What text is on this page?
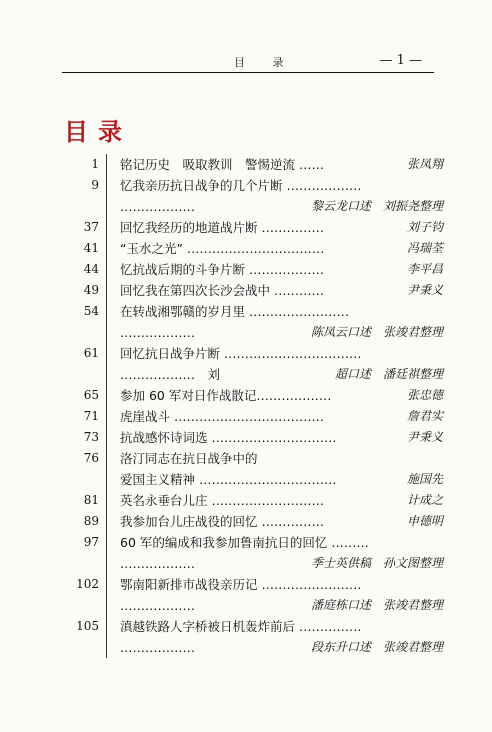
目 录	— 1 —
目录
1 铭记历史　吸取教训　警惕逆流 ……	张凤翔
9 忆我亲历抗日战争的几个片断 ………………
………………	黎云龙口述　刘振尧整理
37 回忆我经历的地道战片断 ……………	刘子钧
41 “玉水之光” ……………………………	冯瑞荃
44 忆抗战后期的斗争片断 ………………	李平昌
49 回忆我在第四次长沙会战中 …………	尹秉义
54 在转战湘鄂赣的岁月里 ……………………
………………	陈凤云口述　张竣君整理
61 回忆抗日战争片断 ……………………………
………………　刘	超口述　潘廷祺整理
65 参加 60 军对日作战散记………………	张忠德
71 虎崖战斗 ………………………………	詹君实
73 抗战感怀诗词选 …………………………	尹秉义
76 洛汀同志在抗日战争中的
爱国主义精神 ……………………………	施国先
81 英名永垂台儿庄 ………………………	计成之
89 我参加台儿庄战役的回忆 ……………	申德明
97 60 军的编成和我参加鲁南抗日的回忆 ………
………………	季士英供稿　孙文图整理
102 鄂南阳新排市战役亲历记 ……………………
………………	潘庭栋口述　张竣君整理
105 滇越铁路人字桥被日机轰炸前后 ……………
………………	段东升口述　张竣君整理
